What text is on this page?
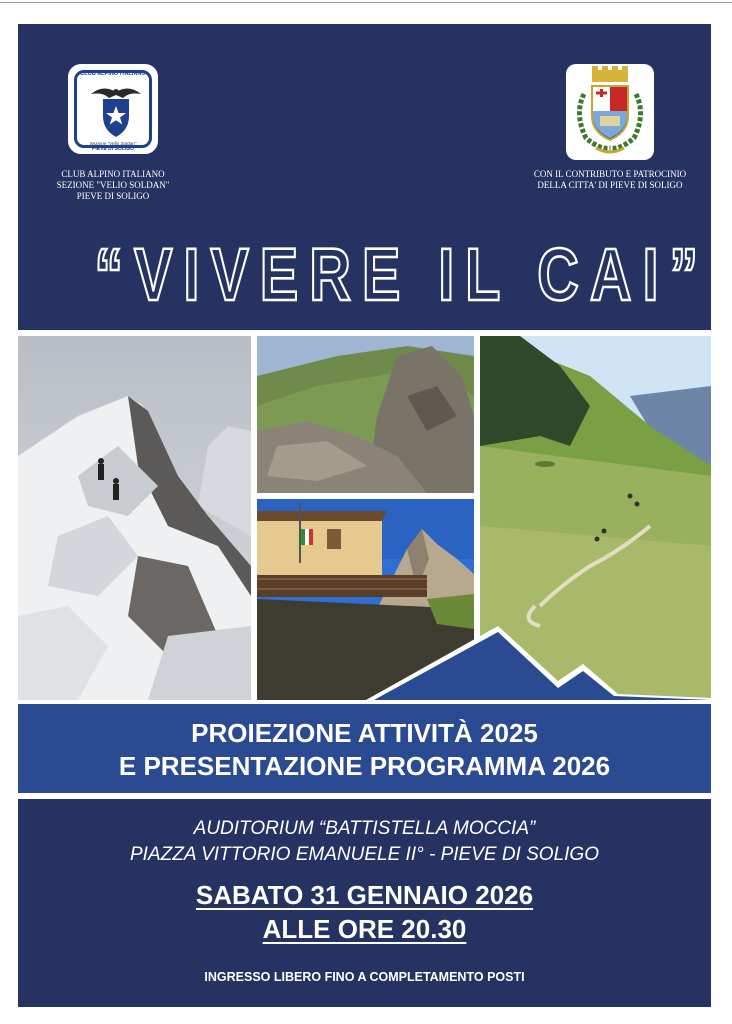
CLUB ALPINO ITALIANO
Sezione "Velio Soldan"
PIEVE DI SOLIGO
CLUB ALPINO ITALIANO
SEZIONE "VELIO SOLDAN"
PIEVE DI SOLIGO
CON IL CONTRIBUTO E PATROCINIO
DELLA CITTA' DI PIEVE DI SOLIGO
“VIVERE IL CAI”
PROIEZIONE ATTIVITÀ 2025
E PRESENTAZIONE PROGRAMMA 2026
AUDITORIUM “BATTISTELLA MOCCIA”
PIAZZA VITTORIO EMANUELE II° - PIEVE DI SOLIGO
SABATO 31 GENNAIO 2026
ALLE ORE 20.30
INGRESSO LIBERO FINO A COMPLETAMENTO POSTI
